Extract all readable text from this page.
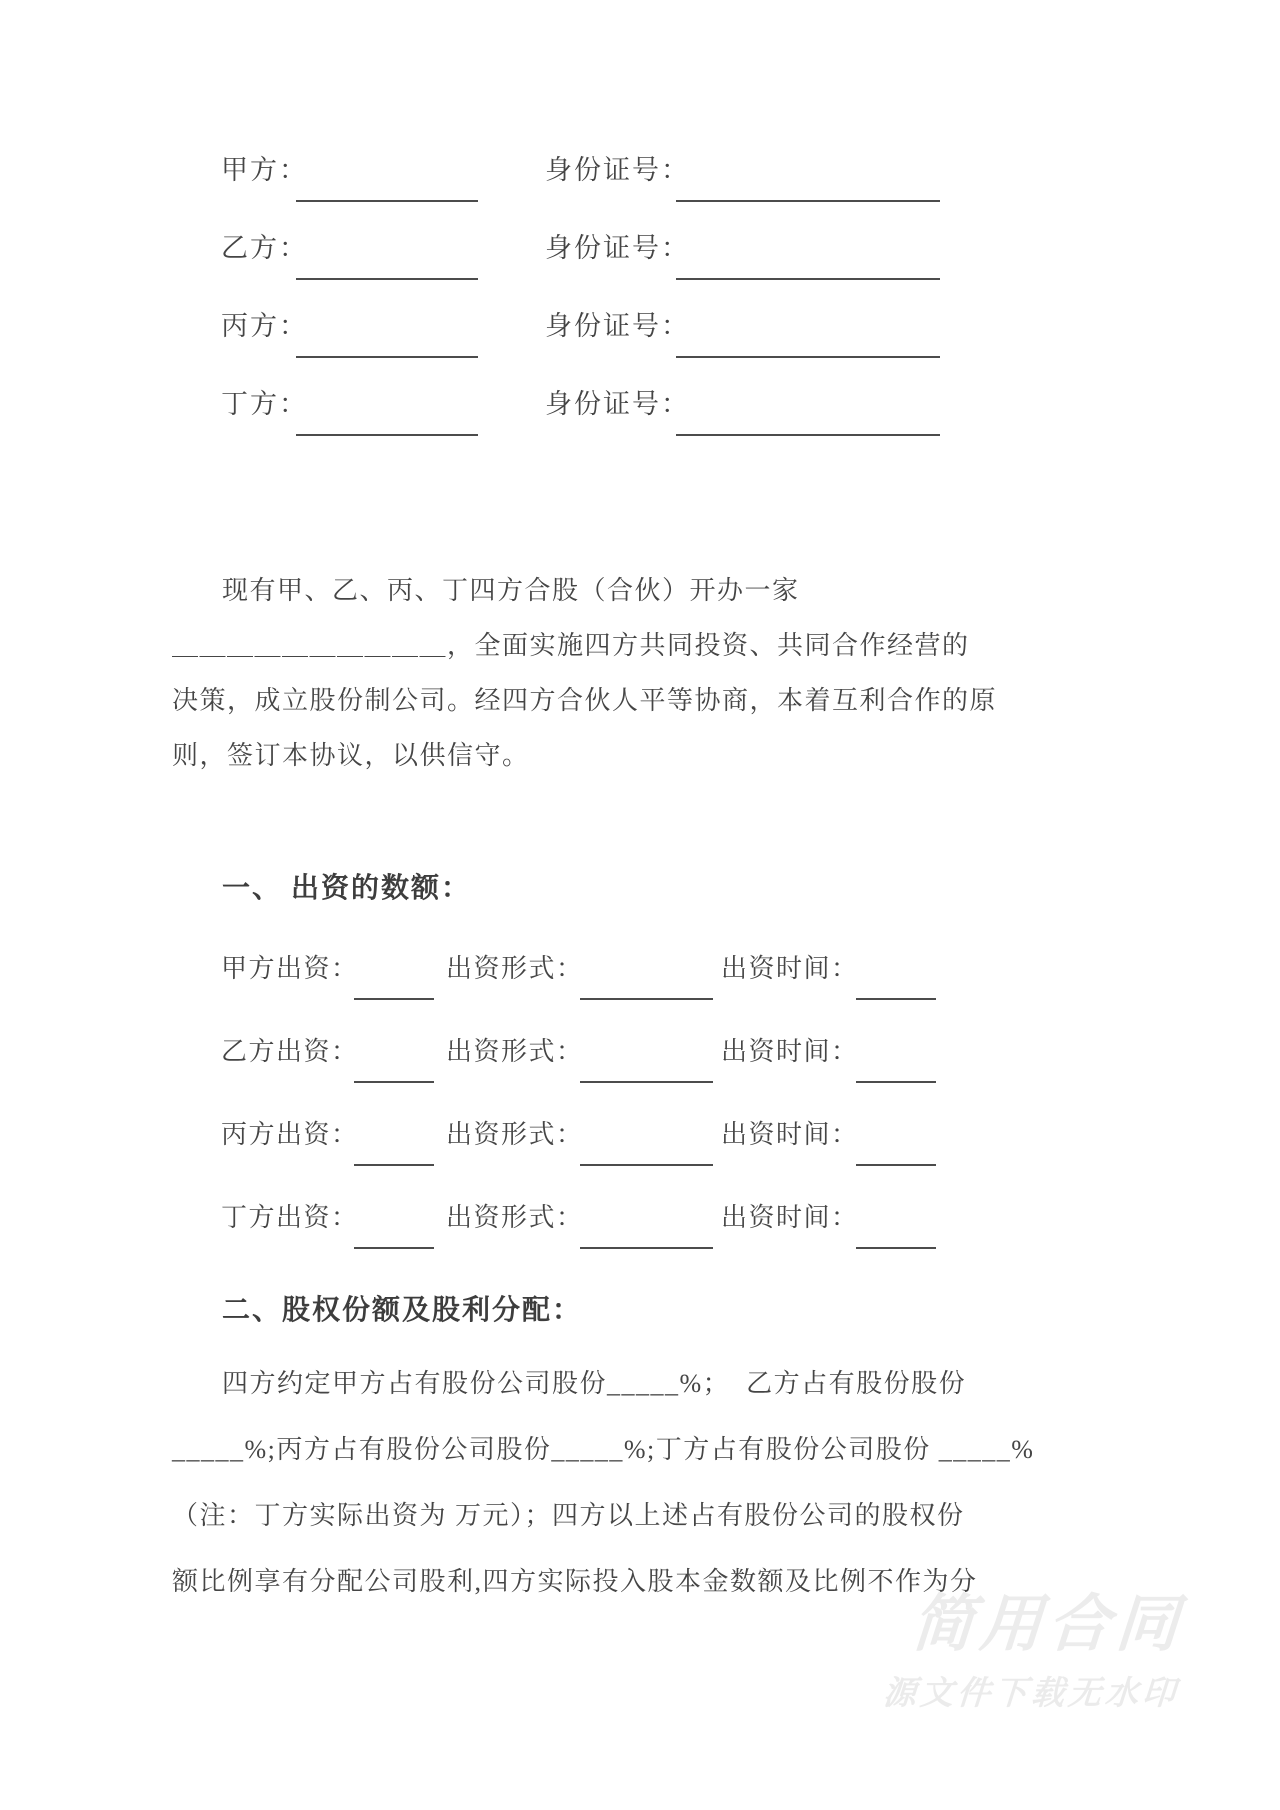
甲方：	身份证号：
乙方：	身份证号：
丙方：	身份证号：
丁方：	身份证号：
现有甲、乙、丙、丁四方合股（合伙）开办一家
＿＿＿＿＿＿＿＿＿＿，全面实施四方共同投资、共同合作经营的
决策，成立股份制公司。经四方合伙人平等协商，本着互利合作的原
则，签订本协议，以供信守。
一、 出资的数额：
甲方出资：	出资形式：	出资时间：
乙方出资：	出资形式：	出资时间：
丙方出资：	出资形式：	出资时间：
丁方出资：	出资形式：	出资时间：
二、股权份额及股利分配：
四方约定甲方占有股份公司股份_____%；  乙方占有股份股份
_____%;丙方占有股份公司股份_____%;丁方占有股份公司股份 _____%
（注：丁方实际出资为 万元）；四方以上述占有股份公司的股权份
额比例享有分配公司股利,四方实际投入股本金数额及比例不作为分
简用合同
源文件下载无水印
